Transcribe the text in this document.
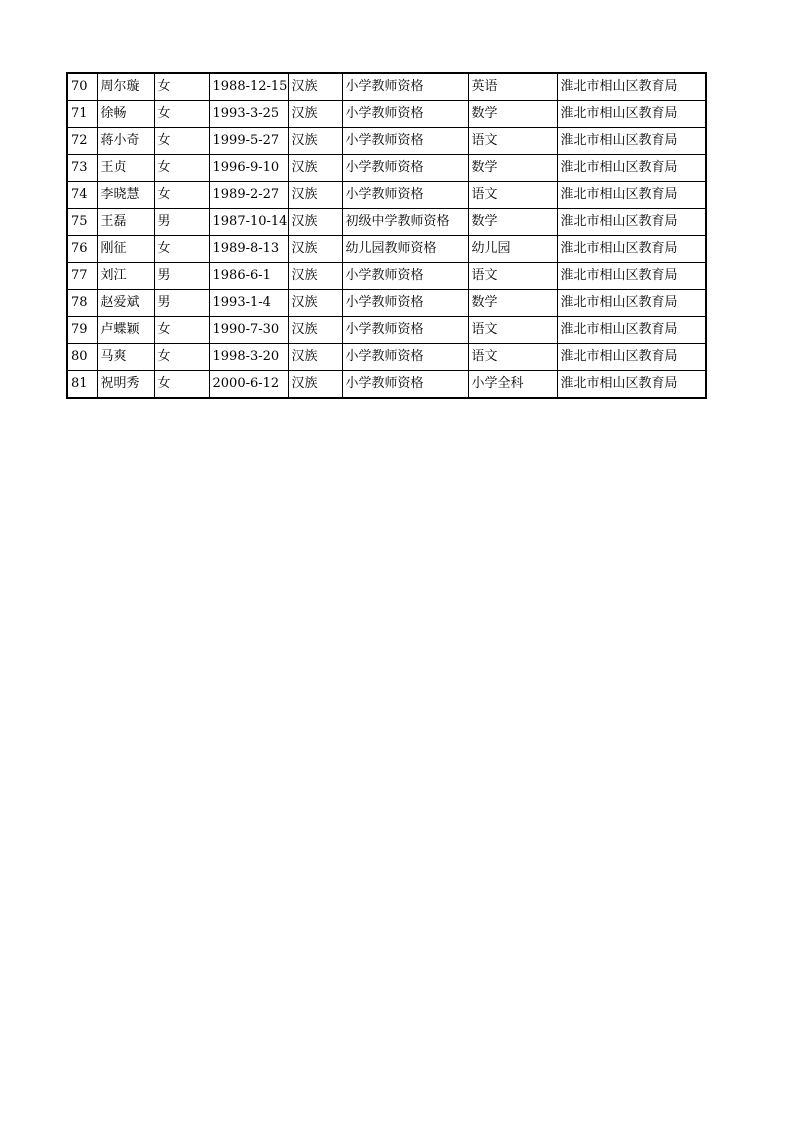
70	周尔璇	女	1988-12-15	汉族	小学教师资格	英语	淮北市相山区教育局
71	徐畅	女	1993-3-25	汉族	小学教师资格	数学	淮北市相山区教育局
72	蒋小奇	女	1999-5-27	汉族	小学教师资格	语文	淮北市相山区教育局
73	王贞	女	1996-9-10	汉族	小学教师资格	数学	淮北市相山区教育局
74	李晓慧	女	1989-2-27	汉族	小学教师资格	语文	淮北市相山区教育局
75	王磊	男	1987-10-14	汉族	初级中学教师资格	数学	淮北市相山区教育局
76	刚征	女	1989-8-13	汉族	幼儿园教师资格	幼儿园	淮北市相山区教育局
77	刘江	男	1986-6-1	汉族	小学教师资格	语文	淮北市相山区教育局
78	赵爱斌	男	1993-1-4	汉族	小学教师资格	数学	淮北市相山区教育局
79	卢蝶颖	女	1990-7-30	汉族	小学教师资格	语文	淮北市相山区教育局
80	马爽	女	1998-3-20	汉族	小学教师资格	语文	淮北市相山区教育局
81	祝明秀	女	2000-6-12	汉族	小学教师资格	小学全科	淮北市相山区教育局
